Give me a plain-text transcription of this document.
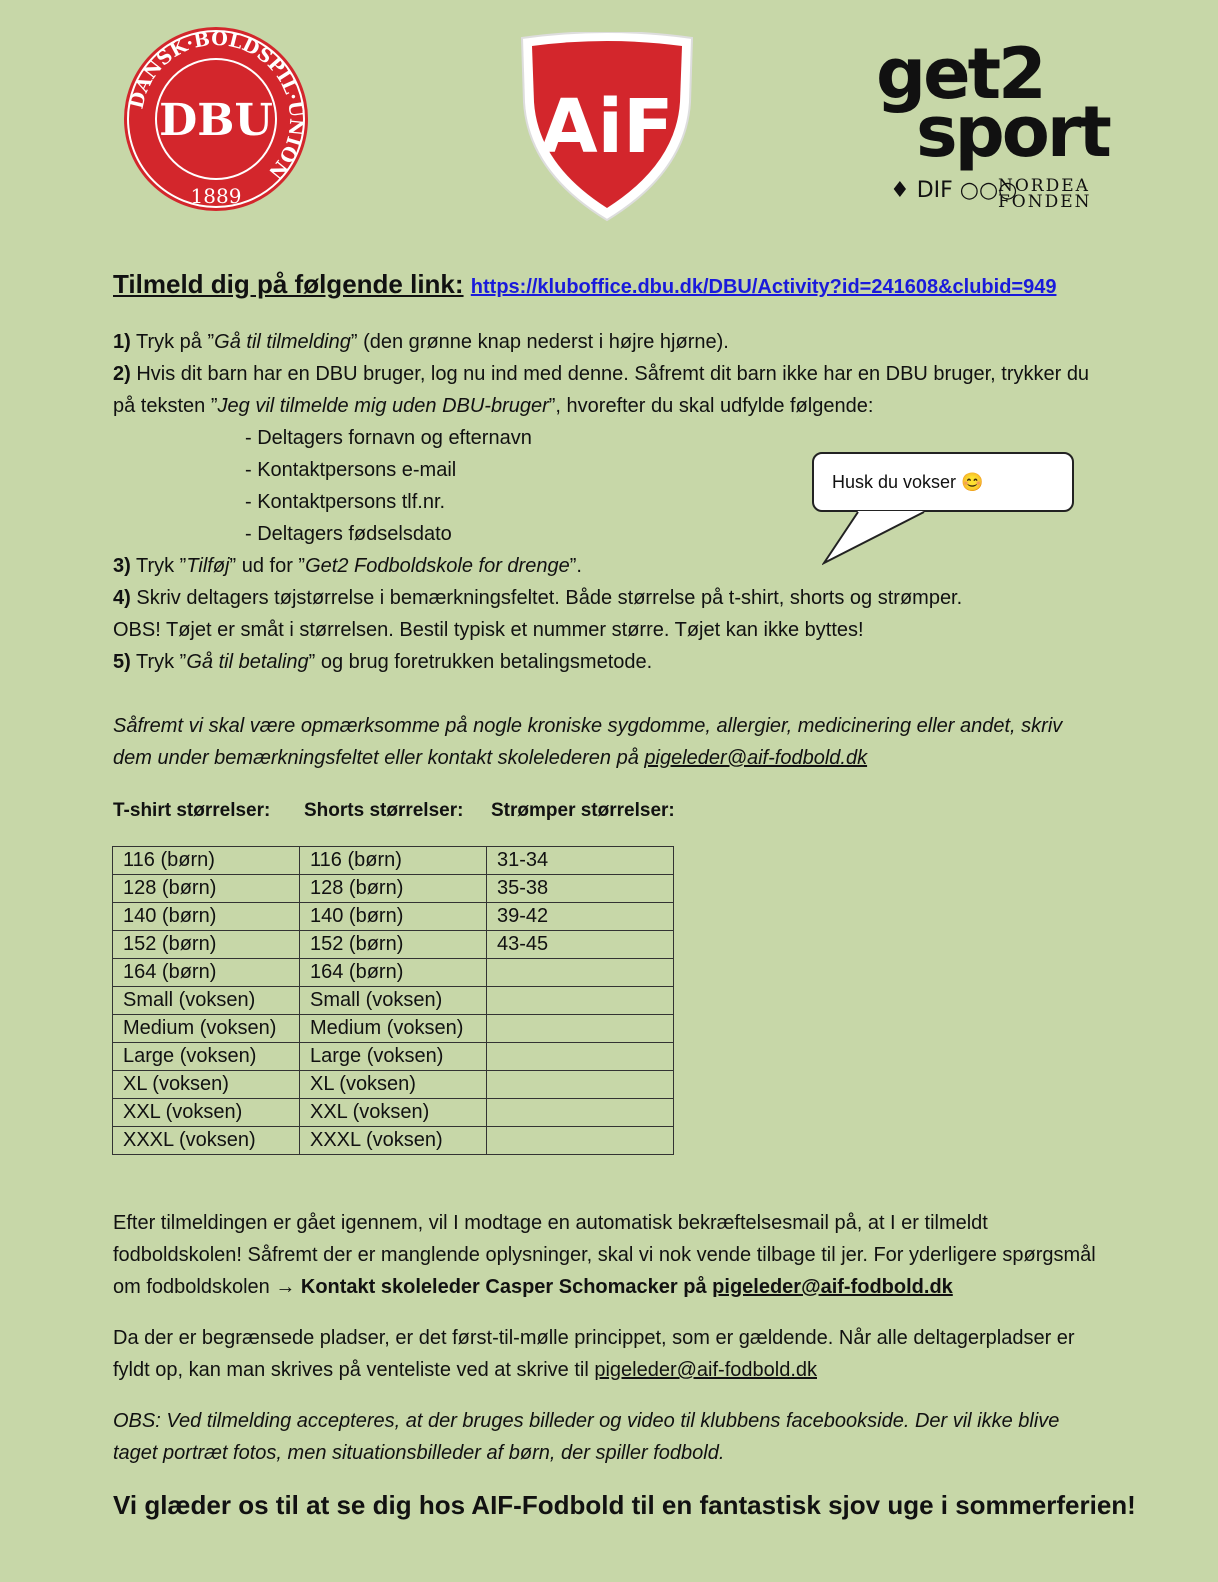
DANSK·BOLDSPIL·UNION
DBU
1889
AiF
get2
sport
♦ DIF ○○○
NORDEA
FONDEN

Tilmeld dig på følgende link: https://kluboffice.dbu.dk/DBU/Activity?id=241608&clubid=949

1) Tryk på ”Gå til tilmelding” (den grønne knap nederst i højre hjørne).

2) Hvis dit barn har en DBU bruger, log nu ind med denne. Såfremt dit barn ikke har en DBU bruger, trykker du på teksten ”Jeg vil tilmelde mig uden DBU-bruger”, hvorefter du skal udfylde følgende:

- Deltagers fornavn og efternavn
- Kontaktpersons e-mail
- Kontaktpersons tlf.nr.
- Deltagers fødselsdato

3) Tryk ”Tilføj” ud for ”Get2 Fodboldskole for drenge”.

4) Skriv deltagers tøjstørrelse i bemærkningsfeltet. Både størrelse på t-shirt, shorts og strømper.

OBS! Tøjet er småt i størrelsen. Bestil typisk et nummer større. Tøjet kan ikke byttes!

5) Tryk ”Gå til betaling” og brug foretrukken betalingsmetode.

Såfremt vi skal være opmærksomme på nogle kroniske sygdomme, allergier, medicinering eller andet, skriv dem under bemærkningsfeltet eller kontakt skolelederen på pigeleder@aif-fodbold.dk

Husk du vokser 😊
T-shirt størrelser: Shorts størrelser: Strømper størrelser:
116 (børn)	116 (børn)	31-34
128 (børn)	128 (børn)	35-38
140 (børn)	140 (børn)	39-42
152 (børn)	152 (børn)	43-45
164 (børn)	164 (børn)	
Small (voksen)	Small (voksen)	
Medium (voksen)	Medium (voksen)	
Large (voksen)	Large (voksen)	
XL (voksen)	XL (voksen)	
XXL (voksen)	XXL (voksen)	
XXXL (voksen)	XXXL (voksen)	

Efter tilmeldingen er gået igennem, vil I modtage en automatisk bekræftelsesmail på, at I er tilmeldt fodboldskolen! Såfremt der er manglende oplysninger, skal vi nok vende tilbage til jer. For yderligere spørgsmål om fodboldskolen → Kontakt skoleleder Casper Schomacker på pigeleder@aif-fodbold.dk

Da der er begrænsede pladser, er det først-til-mølle princippet, som er gældende. Når alle deltagerpladser er fyldt op, kan man skrives på venteliste ved at skrive til pigeleder@aif-fodbold.dk

OBS: Ved tilmelding accepteres, at der bruges billeder og video til klubbens facebookside. Der vil ikke blive taget portræt fotos, men situationsbilleder af børn, der spiller fodbold.

Vi glæder os til at se dig hos AIF-Fodbold til en fantastisk sjov uge i sommerferien!
